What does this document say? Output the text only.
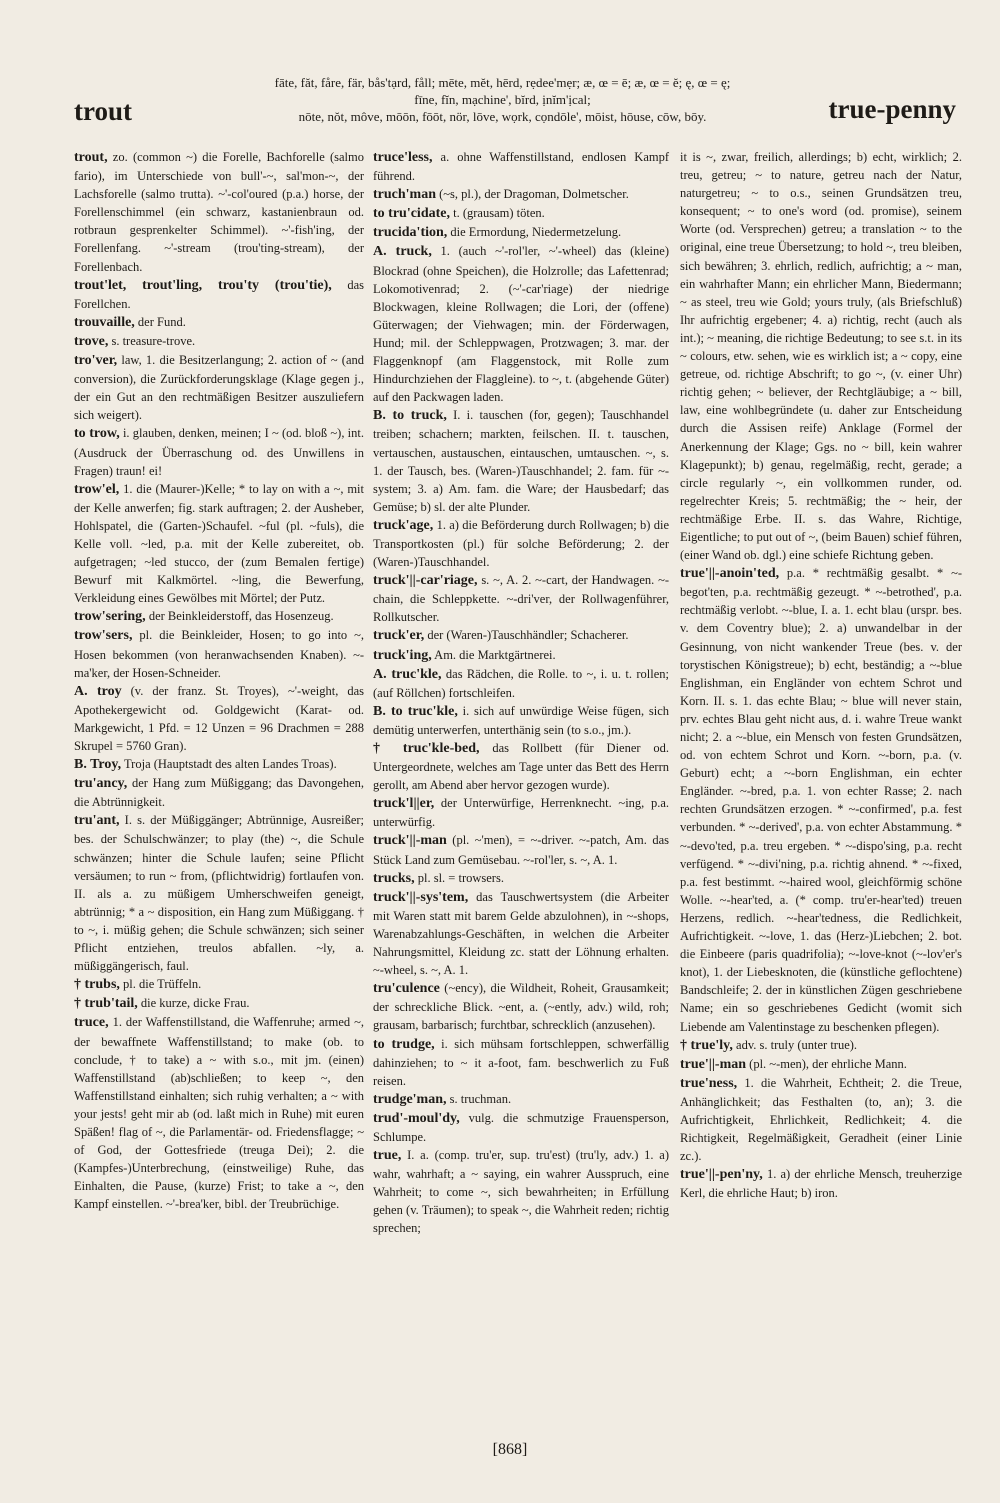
trout
fāte, făt, fåre, fär, bås'tạrd, fåll; mēte, mĕt, hērd, rẹdee'mẹr; æ, œ = ē; æ, œ = ĕ; ę, œ = ę;
fīne, fĭn, mạchine', bĭrd, ịnĭm'ịcal;
nōte, nŏt, môve, mōōn, fōōt, nör, lōve, wọrk, cọndōle', mōist, hōuse, cōw, bōy.	true-penny

trout, zo. (common ~) die Forelle, Bachforelle (salmo fario), im Unterschiede von bull'-~, sal'mon-~, der Lachsforelle (salmo trutta). ~'-col'oured (p.a.) horse, der Forellenschimmel (ein schwarz, kastanienbraun od. rotbraun gesprenkelter Schimmel). ~'-fish'ing, der Forellenfang. ~'-stream (trou'ting-stream), der Forellenbach.

trout'let, trout'ling, trou'ty (trou'tie), das Forellchen.

trouvaille, der Fund.

trove, s. treasure-trove.

tro'ver, law, 1. die Besitzerlangung; 2. action of ~ (and conversion), die Zurückforderungsklage (Klage gegen j., der ein Gut an den rechtmäßigen Besitzer auszuliefern sich weigert).

to trow, i. glauben, denken, meinen; I ~ (od. bloß ~), int. (Ausdruck der Überraschung od. des Unwillens in Fragen) traun! ei!

trow'el, 1. die (Maurer-)Kelle; * to lay on with a ~, mit der Kelle anwerfen; fig. stark auftragen; 2. der Ausheber, Hohlspatel, die (Garten-)Schaufel. ~ful (pl. ~fuls), die Kelle voll. ~led, p.a. mit der Kelle zubereitet, ob. aufgetragen; ~led stucco, der (zum Bemalen fertige) Bewurf mit Kalkmörtel. ~ling, die Bewerfung, Verkleidung eines Gewölbes mit Mörtel; der Putz.

trow'sering, der Beinkleiderstoff, das Hosenzeug.

trow'sers, pl. die Beinkleider, Hosen; to go into ~, Hosen bekommen (von heranwachsenden Knaben). ~-ma'ker, der Hosen-Schneider.

A. troy (v. der franz. St. Troyes), ~'-weight, das Apothekergewicht od. Goldgewicht (Karat- od. Markgewicht, 1 Pfd. = 12 Unzen = 96 Drachmen = 288 Skrupel = 5760 Gran).

B. Troy, Troja (Hauptstadt des alten Landes Troas).

tru'ancy, der Hang zum Müßiggang; das Davongehen, die Abtrünnigkeit.

tru'ant, I. s. der Müßiggänger; Abtrünnige, Ausreißer; bes. der Schulschwänzer; to play (the) ~, die Schule schwänzen; hinter die Schule laufen; seine Pflicht versäumen; to run ~ from, (pflichtwidrig) fortlaufen von. II. als a. zu müßigem Umherschweifen geneigt, abtrünnig; * a ~ disposition, ein Hang zum Müßiggang. † to ~, i. müßig gehen; die Schule schwänzen; sich seiner Pflicht entziehen, treulos abfallen. ~ly, a. müßiggängerisch, faul.

† trubs, pl. die Trüffeln.

† trub'tail, die kurze, dicke Frau.

truce, 1. der Waffenstillstand, die Waffenruhe; armed ~, der bewaffnete Waffenstillstand; to make (ob. to conclude, † to take) a ~ with s.o., mit jm. (einen) Waffenstillstand (ab)schließen; to keep ~, den Waffenstillstand einhalten; sich ruhig verhalten; a ~ with your jests! geht mir ab (od. laßt mich in Ruhe) mit euren Späßen! flag of ~, die Parlamentär- od. Friedensflagge; ~ of God, der Gottesfriede (treuga Dei); 2. die (Kampfes-)Unterbrechung, (einstweilige) Ruhe, das Einhalten, die Pause, (kurze) Frist; to take a ~, den Kampf einstellen. ~'-brea'ker, bibl. der Treubrüchige.

truce'less, a. ohne Waffenstillstand, endlosen Kampf führend.

truch'man (~s, pl.), der Dragoman, Dolmetscher.

to tru'cidate, t. (grausam) töten.

trucida'tion, die Ermordung, Niedermetzelung.

A. truck, 1. (auch ~'-rol'ler, ~'-wheel) das (kleine) Blockrad (ohne Speichen), die Holzrolle; das Lafettenrad; Lokomotivenrad; 2. (~'-car'riage) der niedrige Blockwagen, kleine Rollwagen; die Lori, der (offene) Güterwagen; der Viehwagen; min. der Förderwagen, Hund; mil. der Schleppwagen, Protzwagen; 3. mar. der Flaggenknopf (am Flaggenstock, mit Rolle zum Hindurchziehen der Flaggleine). to ~, t. (abgehende Güter) auf den Packwagen laden.

B. to truck, I. i. tauschen (for, gegen); Tauschhandel treiben; schachern; markten, feilschen. II. t. tauschen, vertauschen, austauschen, eintauschen, umtauschen. ~, s. 1. der Tausch, bes. (Waren-)Tauschhandel; 2. fam. für ~-system; 3. a) Am. fam. die Ware; der Hausbedarf; das Gemüse; b) sl. der alte Plunder.

truck'age, 1. a) die Beförderung durch Rollwagen; b) die Transportkosten (pl.) für solche Beförderung; 2. der (Waren-)Tauschhandel.

truck'||-car'riage, s. ~, A. 2. ~-cart, der Handwagen. ~-chain, die Schleppkette. ~-dri'ver, der Rollwagenführer, Rollkutscher.

truck'er, der (Waren-)Tauschhändler; Schacherer.

truck'ing, Am. die Marktgärtnerei.

A. truc'kle, das Rädchen, die Rolle. to ~, i. u. t. rollen; (auf Röllchen) fortschleifen.

B. to truc'kle, i. sich auf unwürdige Weise fügen, sich demütig unterwerfen, unterthänig sein (to s.o., jm.).

† truc'kle-bed, das Rollbett (für Diener od. Untergeordnete, welches am Tage unter das Bett des Herrn gerollt, am Abend aber hervor gezogen wurde).

truck'l||er, der Unterwürfige, Herrenknecht. ~ing, p.a. unterwürfig.

truck'||-man (pl. ~'men), = ~-driver. ~-patch, Am. das Stück Land zum Gemüsebau. ~-rol'ler, s. ~, A. 1.

trucks, pl. sl. = trowsers.

truck'||-sys'tem, das Tauschwertsystem (die Arbeiter mit Waren statt mit barem Gelde abzulohnen), in ~-shops, Warenabzahlungs-Geschäften, in welchen die Arbeiter Nahrungsmittel, Kleidung zc. statt der Löhnung erhalten. ~-wheel, s. ~, A. 1.

tru'culence (~ency), die Wildheit, Roheit, Grausamkeit; der schreckliche Blick. ~ent, a. (~ently, adv.) wild, roh; grausam, barbarisch; furchtbar, schrecklich (anzusehen).

to trudge, i. sich mühsam fortschleppen, schwerfällig dahinziehen; to ~ it a-foot, fam. beschwerlich zu Fuß reisen.

trudge'man, s. truchman.

trud'-moul'dy, vulg. die schmutzige Frauensperson, Schlumpe.

true, I. a. (comp. tru'er, sup. tru'est) (tru'ly, adv.) 1. a) wahr, wahrhaft; a ~ saying, ein wahrer Ausspruch, eine Wahrheit; to come ~, sich bewahrheiten; in Erfüllung gehen (v. Träumen); to speak ~, die Wahrheit reden; richtig sprechen;

it is ~, zwar, freilich, allerdings; b) echt, wirklich; 2. treu, getreu; ~ to nature, getreu nach der Natur, naturgetreu; ~ to o.s., seinen Grundsätzen treu, konsequent; ~ to one's word (od. promise), seinem Worte (od. Versprechen) getreu; a translation ~ to the original, eine treue Übersetzung; to hold ~, treu bleiben, sich bewähren; 3. ehrlich, redlich, aufrichtig; a ~ man, ein wahrhafter Mann; ein ehrlicher Mann, Biedermann; ~ as steel, treu wie Gold; yours truly, (als Briefschluß) Ihr aufrichtig ergebener; 4. a) richtig, recht (auch als int.); ~ meaning, die richtige Bedeutung; to see s.t. in its ~ colours, etw. sehen, wie es wirklich ist; a ~ copy, eine getreue, od. richtige Abschrift; to go ~, (v. einer Uhr) richtig gehen; ~ believer, der Rechtgläubige; a ~ bill, law, eine wohlbegründete (u. daher zur Entscheidung durch die Assisen reife) Anklage (Formel der Anerkennung der Klage; Ggs. no ~ bill, kein wahrer Klagepunkt); b) genau, regelmäßig, recht, gerade; a circle regularly ~, ein vollkommen runder, od. regelrechter Kreis; 5. rechtmäßig; the ~ heir, der rechtmäßige Erbe. II. s. das Wahre, Richtige, Eigentliche; to put out of ~, (beim Bauen) schief führen, (einer Wand ob. dgl.) eine schiefe Richtung geben.

true'||-anoin'ted, p.a. * rechtmäßig gesalbt. * ~-begot'ten, p.a. rechtmäßig gezeugt. * ~-betrothed', p.a. rechtmäßig verlobt. ~-blue, I. a. 1. echt blau (urspr. bes. v. dem Coventry blue); 2. a) unwandelbar in der Gesinnung, von nicht wankender Treue (bes. v. der torystischen Königstreue); b) echt, beständig; a ~-blue Englishman, ein Engländer von echtem Schrot und Korn. II. s. 1. das echte Blau; ~ blue will never stain, prv. echtes Blau geht nicht aus, d. i. wahre Treue wankt nicht; 2. a ~-blue, ein Mensch von festen Grundsätzen, od. von echtem Schrot und Korn. ~-born, p.a. (v. Geburt) echt; a ~-born Englishman, ein echter Engländer. ~-bred, p.a. 1. von echter Rasse; 2. nach rechten Grundsätzen erzogen. * ~-confirmed', p.a. fest verbunden. * ~-derived', p.a. von echter Abstammung. * ~-devo'ted, p.a. treu ergeben. * ~-dispo'sing, p.a. recht verfügend. * ~-divi'ning, p.a. richtig ahnend. * ~-fixed, p.a. fest bestimmt. ~-haired wool, gleichförmig schöne Wolle. ~-hear'ted, a. (* comp. tru'er-hear'ted) treuen Herzens, redlich. ~-hear'tedness, die Redlichkeit, Aufrichtigkeit. ~-love, 1. das (Herz-)Liebchen; 2. bot. die Einbeere (paris quadrifolia); ~-love-knot (~-lov'er's knot), 1. der Liebesknoten, die (künstliche geflochtene) Bandschleife; 2. der in künstlichen Zügen geschriebene Name; ein so geschriebenes Gedicht (womit sich Liebende am Valentinstage zu beschenken pflegen).

† true'ly, adv. s. truly (unter true).

true'||-man (pl. ~-men), der ehrliche Mann.

true'ness, 1. die Wahrheit, Echtheit; 2. die Treue, Anhänglichkeit; das Festhalten (to, an); 3. die Aufrichtigkeit, Ehrlichkeit, Redlichkeit; 4. die Richtigkeit, Regelmäßigkeit, Geradheit (einer Linie zc.).

true'||-pen'ny, 1. a) der ehrliche Mensch, treuherzige Kerl, die ehrliche Haut; b) iron.

[868]
